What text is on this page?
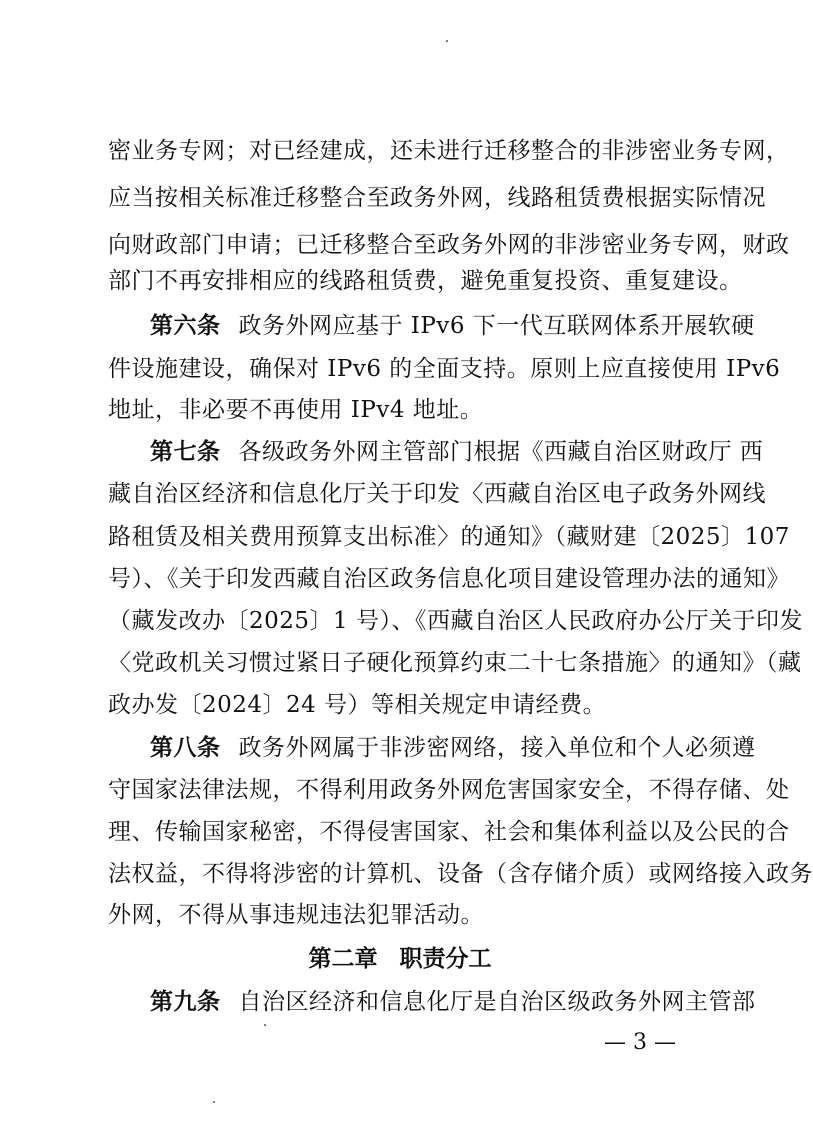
密业务专网；对已经建成，还未进行迁移整合的非涉密业务专网，
应当按相关标准迁移整合至政务外网，线路租赁费根据实际情况
向财政部门申请；已迁移整合至政务外网的非涉密业务专网，财政
部门不再安排相应的线路租赁费，避免重复投资、重复建设。
第六条 政务外网应基于 IPv6 下一代互联网体系开展软硬
件设施建设，确保对 IPv6 的全面支持。原则上应直接使用 IPv6
地址，非必要不再使用 IPv4 地址。
第七条 各级政务外网主管部门根据《西藏自治区财政厅 西
藏自治区经济和信息化厅关于印发〈西藏自治区电子政务外网线
路租赁及相关费用预算支出标准〉的通知》（藏财建〔2025〕107
号）、《关于印发西藏自治区政务信息化项目建设管理办法的通知》
（藏发改办〔2025〕1 号）、《西藏自治区人民政府办公厅关于印发
〈党政机关习惯过紧日子硬化预算约束二十七条措施〉的通知》（藏
政办发〔2024〕24 号）等相关规定申请经费。
第八条 政务外网属于非涉密网络，接入单位和个人必须遵
守国家法律法规，不得利用政务外网危害国家安全，不得存储、处
理、传输国家秘密，不得侵害国家、社会和集体利益以及公民的合
法权益，不得将涉密的计算机、设备（含存储介质）或网络接入政务
外网，不得从事违规违法犯罪活动。
第二章 职责分工
第九条 自治区经济和信息化厅是自治区级政务外网主管部
— 3 —
